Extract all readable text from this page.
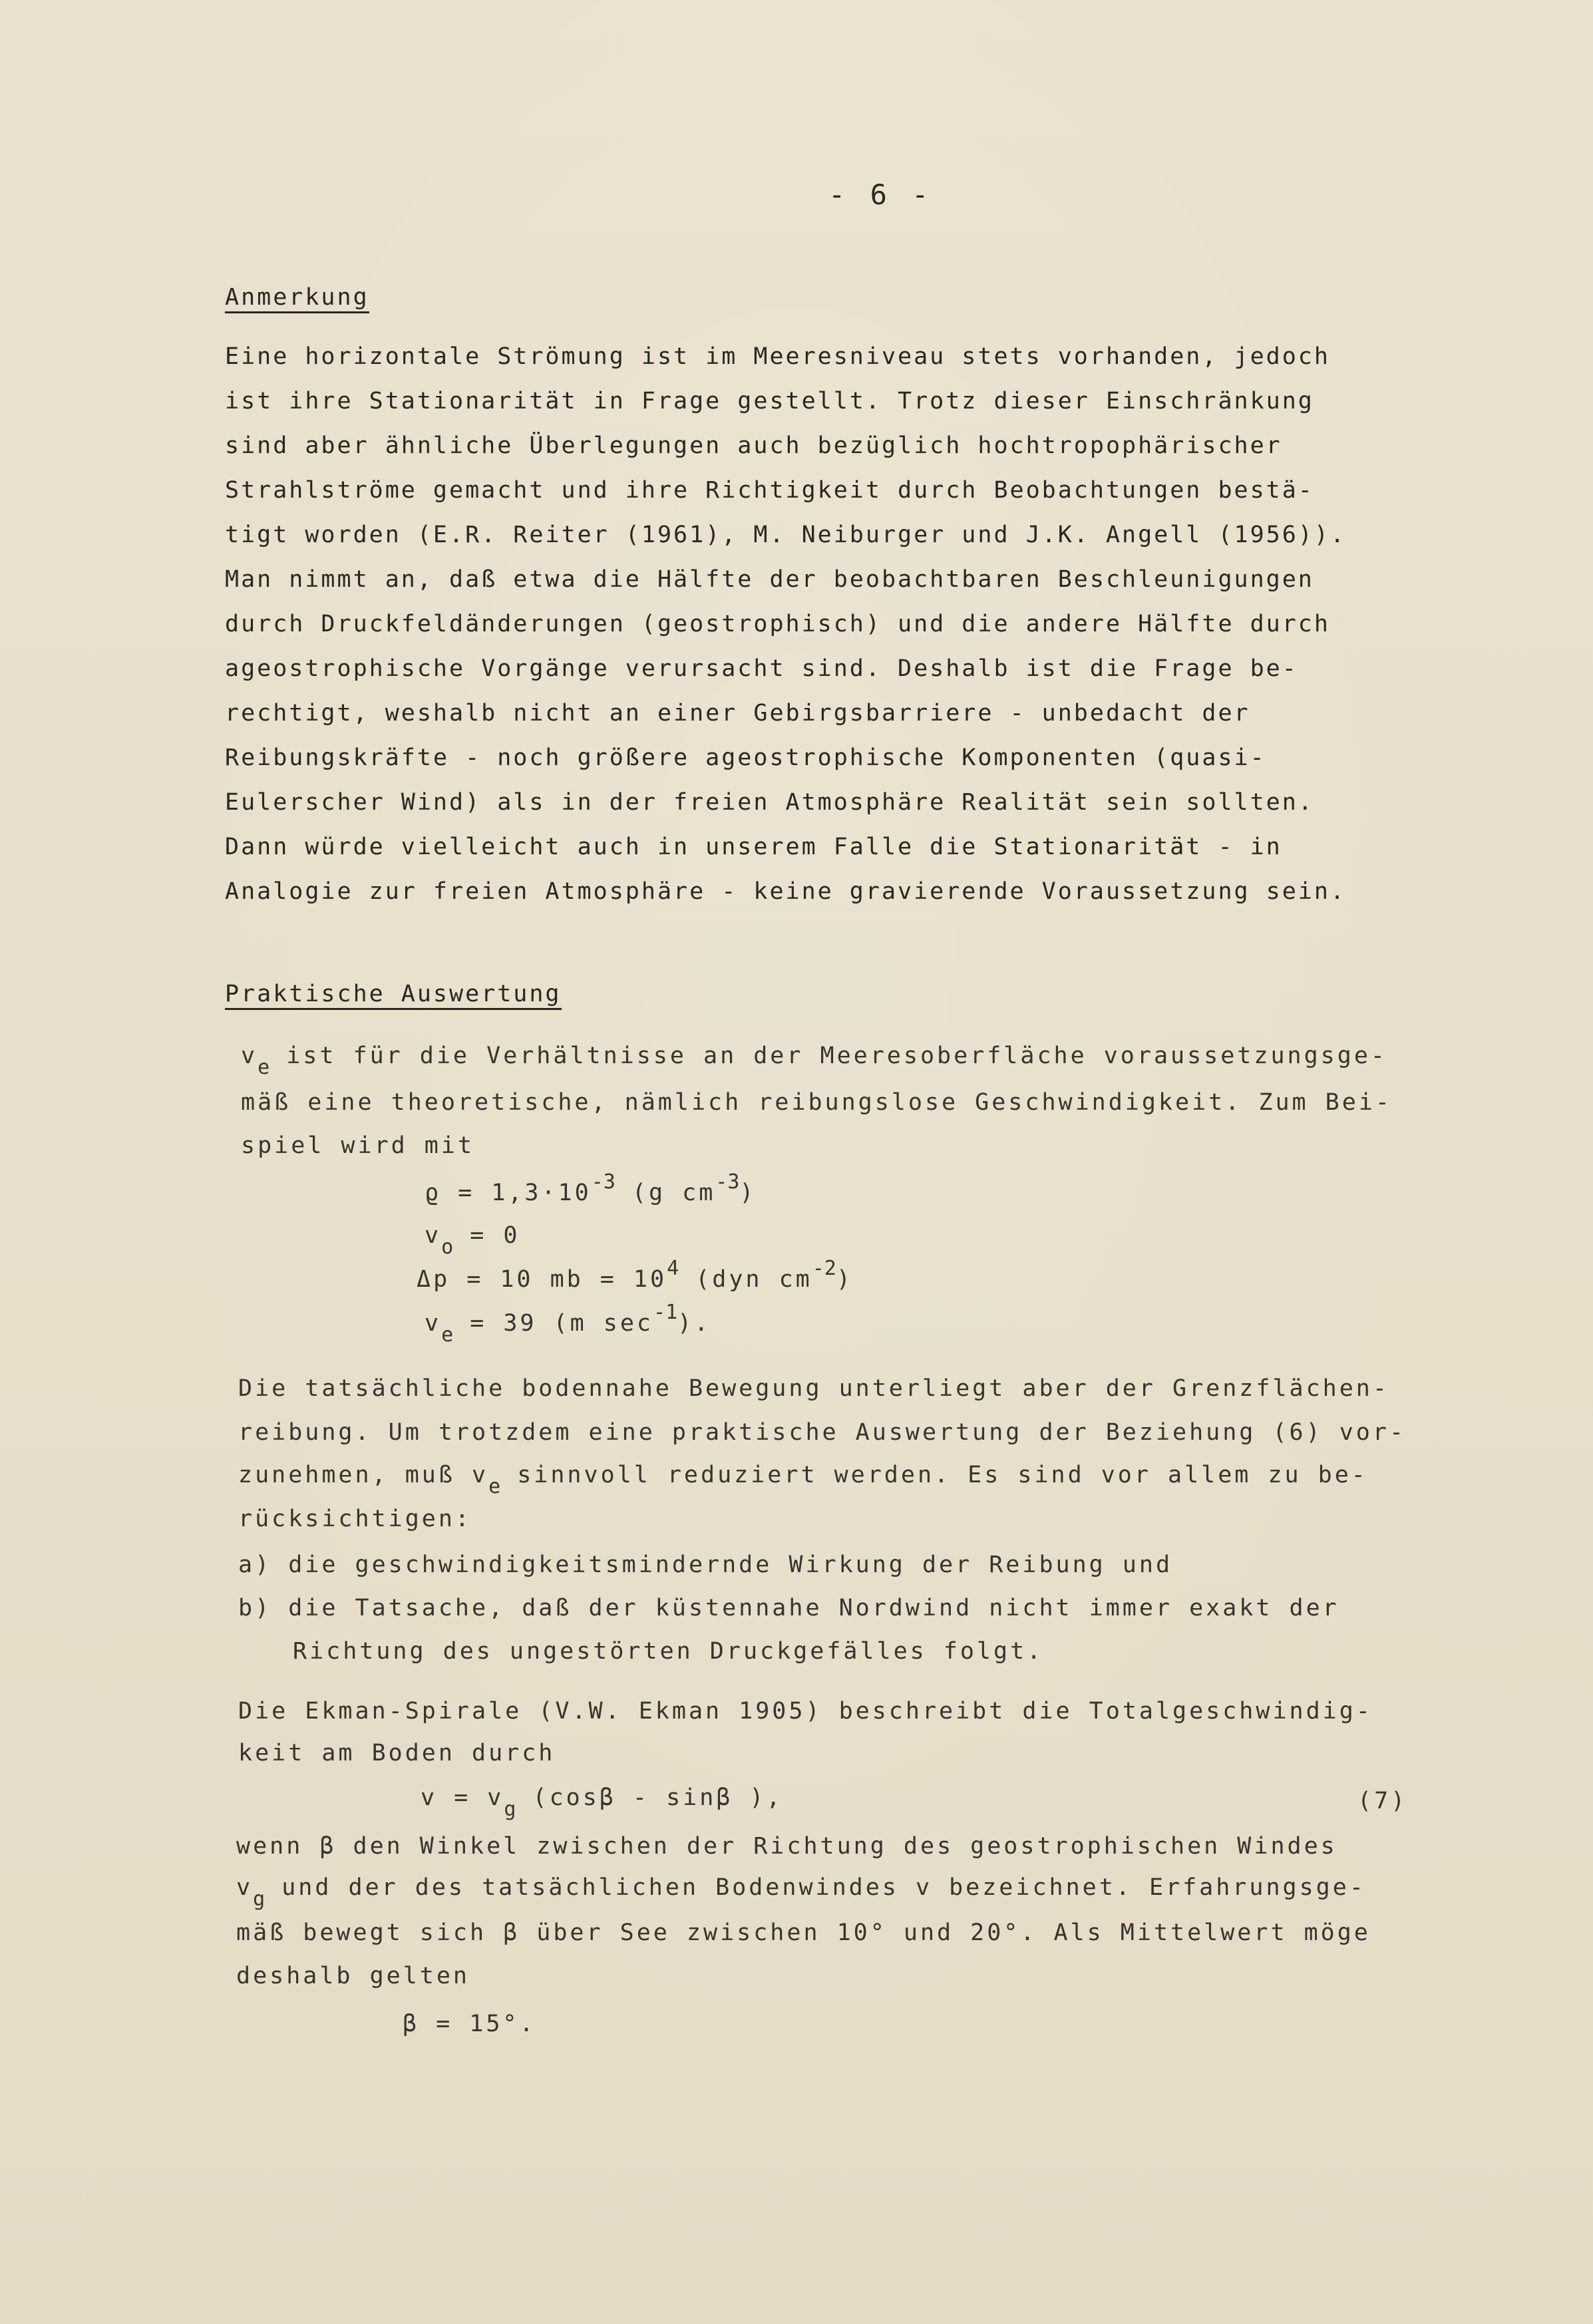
- 6 -
Anmerkung
Eine horizontale Strömung ist im Meeresniveau stets vorhanden, jedoch
ist ihre Stationarität in Frage gestellt. Trotz dieser Einschränkung
sind aber ähnliche Überlegungen auch bezüglich hochtropophärischer
Strahlströme gemacht und ihre Richtigkeit durch Beobachtungen bestä-
tigt worden (E.R. Reiter (1961), M. Neiburger und J.K. Angell (1956)).
Man nimmt an, daß etwa die Hälfte der beobachtbaren Beschleunigungen
durch Druckfeldänderungen (geostrophisch) und die andere Hälfte durch
ageostrophische Vorgänge verursacht sind. Deshalb ist die Frage be-
rechtigt, weshalb nicht an einer Gebirgsbarriere - unbedacht der
Reibungskräfte - noch größere ageostrophische Komponenten (quasi-
Eulerscher Wind) als in der freien Atmosphäre Realität sein sollten.
Dann würde vielleicht auch in unserem Falle die Stationarität - in
Analogie zur freien Atmosphäre - keine gravierende Voraussetzung sein.
Praktische Auswertung
ve ist für die Verhältnisse an der Meeresoberfläche voraussetzungsge-
mäß eine theoretische, nämlich reibungslose Geschwindigkeit. Zum Bei-
spiel wird mit
ϱ = 1,3·10-3 (g cm-3)
vo = 0
Δp = 10 mb = 104 (dyn cm-2)
ve = 39 (m sec-1).
Die tatsächliche bodennahe Bewegung unterliegt aber der Grenzflächen-
reibung. Um trotzdem eine praktische Auswertung der Beziehung (6) vor-
zunehmen, muß ve sinnvoll reduziert werden. Es sind vor allem zu be-
rücksichtigen:
a) die geschwindigkeitsmindernde Wirkung der Reibung und
b) die Tatsache, daß der küstennahe Nordwind nicht immer exakt der
Richtung des ungestörten Druckgefälles folgt.
Die Ekman-Spirale (V.W. Ekman 1905) beschreibt die Totalgeschwindig-
keit am Boden durch
v = vg (cosβ - sinβ ),	(7)
wenn β den Winkel zwischen der Richtung des geostrophischen Windes
vg und der des tatsächlichen Bodenwindes v bezeichnet. Erfahrungsge-
mäß bewegt sich β über See zwischen 10° und 20°. Als Mittelwert möge
deshalb gelten
β = 15°.
